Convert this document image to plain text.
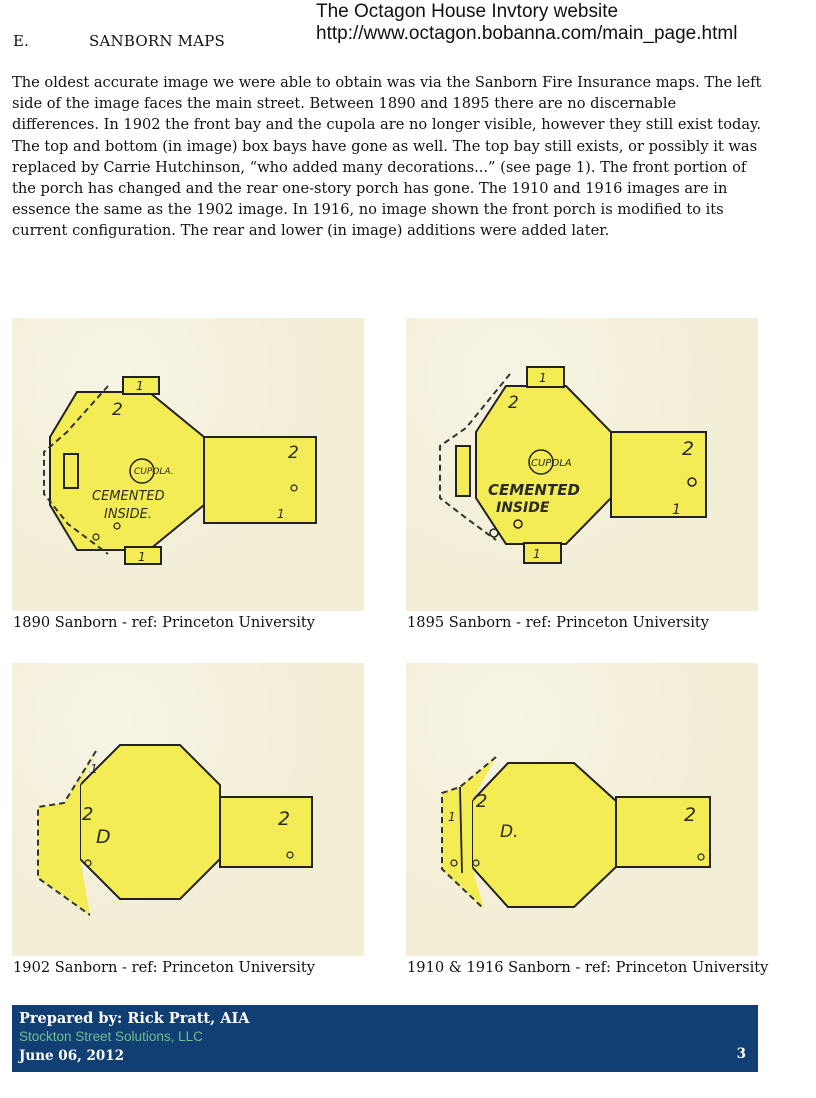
The Octagon House Invtory website
http://www.octagon.bobanna.com/main_page.html
E.	SANBORN MAPS

The oldest accurate image we were able to obtain was via the Sanborn Fire Insurance maps. The left side of the image faces the main street. Between 1890 and 1895 there are no discernable differences. In 1902 the front bay and the cupola are no longer visible, however they still exist today. The top and bottom (in image) box bays have gone as well. The top bay still exists, or possibly it was replaced by Carrie Hutchinson, “who added many decorations...” (see page 1). The front portion of the porch has changed and the rear one-story porch has gone. The 1910 and 1916 images are in essence the same as the 1902 image. In 1916, no image shown the front porch is modified to its current configuration. The rear and lower (in image) additions were added later.

2
CUPOLA.
CEMENTED
INSIDE.
2
1
1
1
1890 Sanborn - ref: Princeton University
2
CUPOLA
CEMENTED
INSIDE
2
1
1
1
1895 Sanborn - ref: Princeton University
2
D
2
1
1902 Sanborn - ref: Princeton University
2
D.
2
1
1910 & 1916 Sanborn - ref: Princeton University
Prepared by: Rick Pratt, AIA
Stockton Street Solutions, LLC
June 06, 2012	3
